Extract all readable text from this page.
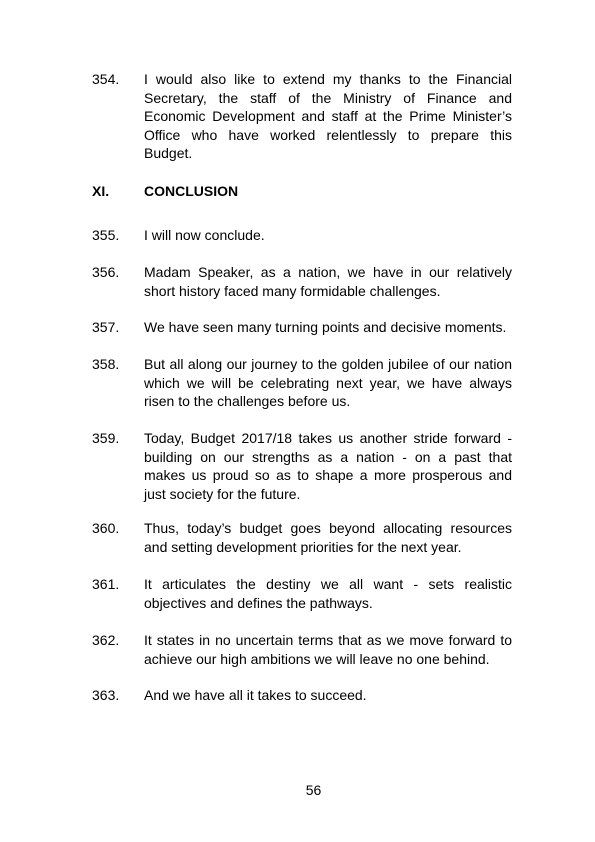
354. I would also like to extend my thanks to the Financial Secretary, the staff of the Ministry of Finance and Economic Development and staff at the Prime Minister’s Office who have worked relentlessly to prepare this Budget.
XI. CONCLUSION
355. I will now conclude.
356. Madam Speaker, as a nation, we have in our relatively short history faced many formidable challenges.
357. We have seen many turning points and decisive moments.
358. But all along our journey to the golden jubilee of our nation which we will be celebrating next year, we have always risen to the challenges before us.
359. Today, Budget 2017/18 takes us another stride forward - building on our strengths as a nation - on a past that makes us proud so as to shape a more prosperous and just society for the future.
360. Thus, today’s budget goes beyond allocating resources and setting development priorities for the next year.
361. It articulates the destiny we all want - sets realistic objectives and defines the pathways.
362. It states in no uncertain terms that as we move forward to achieve our high ambitions we will leave no one behind.
363. And we have all it takes to succeed.
56
